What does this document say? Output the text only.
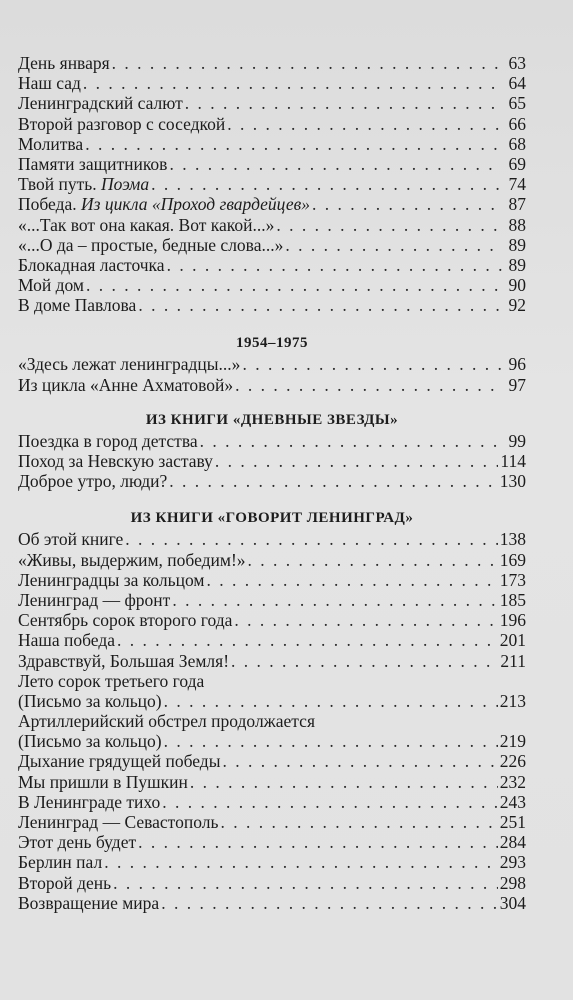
День января . . .	63
Наш сад . . .	64
Ленинградский салют . . .	65
Второй разговор с соседкой . . .	66
Молитва . . .	68
Памяти защитников . . .	69
Твой путь. Поэма . . .	74
Победа. Из цикла «Проход гвардейцев» . . .	87
«...Так вот она какая. Вот какой...» . . .	88
«...О да – простые, бедные слова...» . . .	89
Блокадная ласточка . . .	89
Мой дом . . .	90
В доме Павлова . . .	92
1954–1975
«Здесь лежат ленинградцы...» . . .	96
Из цикла «Анне Ахматовой» . . .	97
ИЗ КНИГИ «ДНЕВНЫЕ ЗВЕЗДЫ»
Поездка в город детства . . .	99
Поход за Невскую заставу . . .	114
Доброе утро, люди? . . .	130
ИЗ КНИГИ «ГОВОРИТ ЛЕНИНГРАД»
Об этой книге . . .	138
«Живы, выдержим, победим!» . . .	169
Ленинградцы за кольцом . . .	173
Ленинград — фронт . . .	185
Сентябрь сорок второго года . . .	196
Наша победа . . .	201
Здравствуй, Большая Земля! . . .	211
Лето сорок третьего года
(Письмо за кольцо) . . .	213
Артиллерийский обстрел продолжается
(Письмо за кольцо) . . .	219
Дыхание грядущей победы . . .	226
Мы пришли в Пушкин . . .	232
В Ленинграде тихо . . .	243
Ленинград — Севастополь . . .	251
Этот день будет . . .	284
Берлин пал . . .	293
Второй день . . .	298
Возвращение мира . . .	304
